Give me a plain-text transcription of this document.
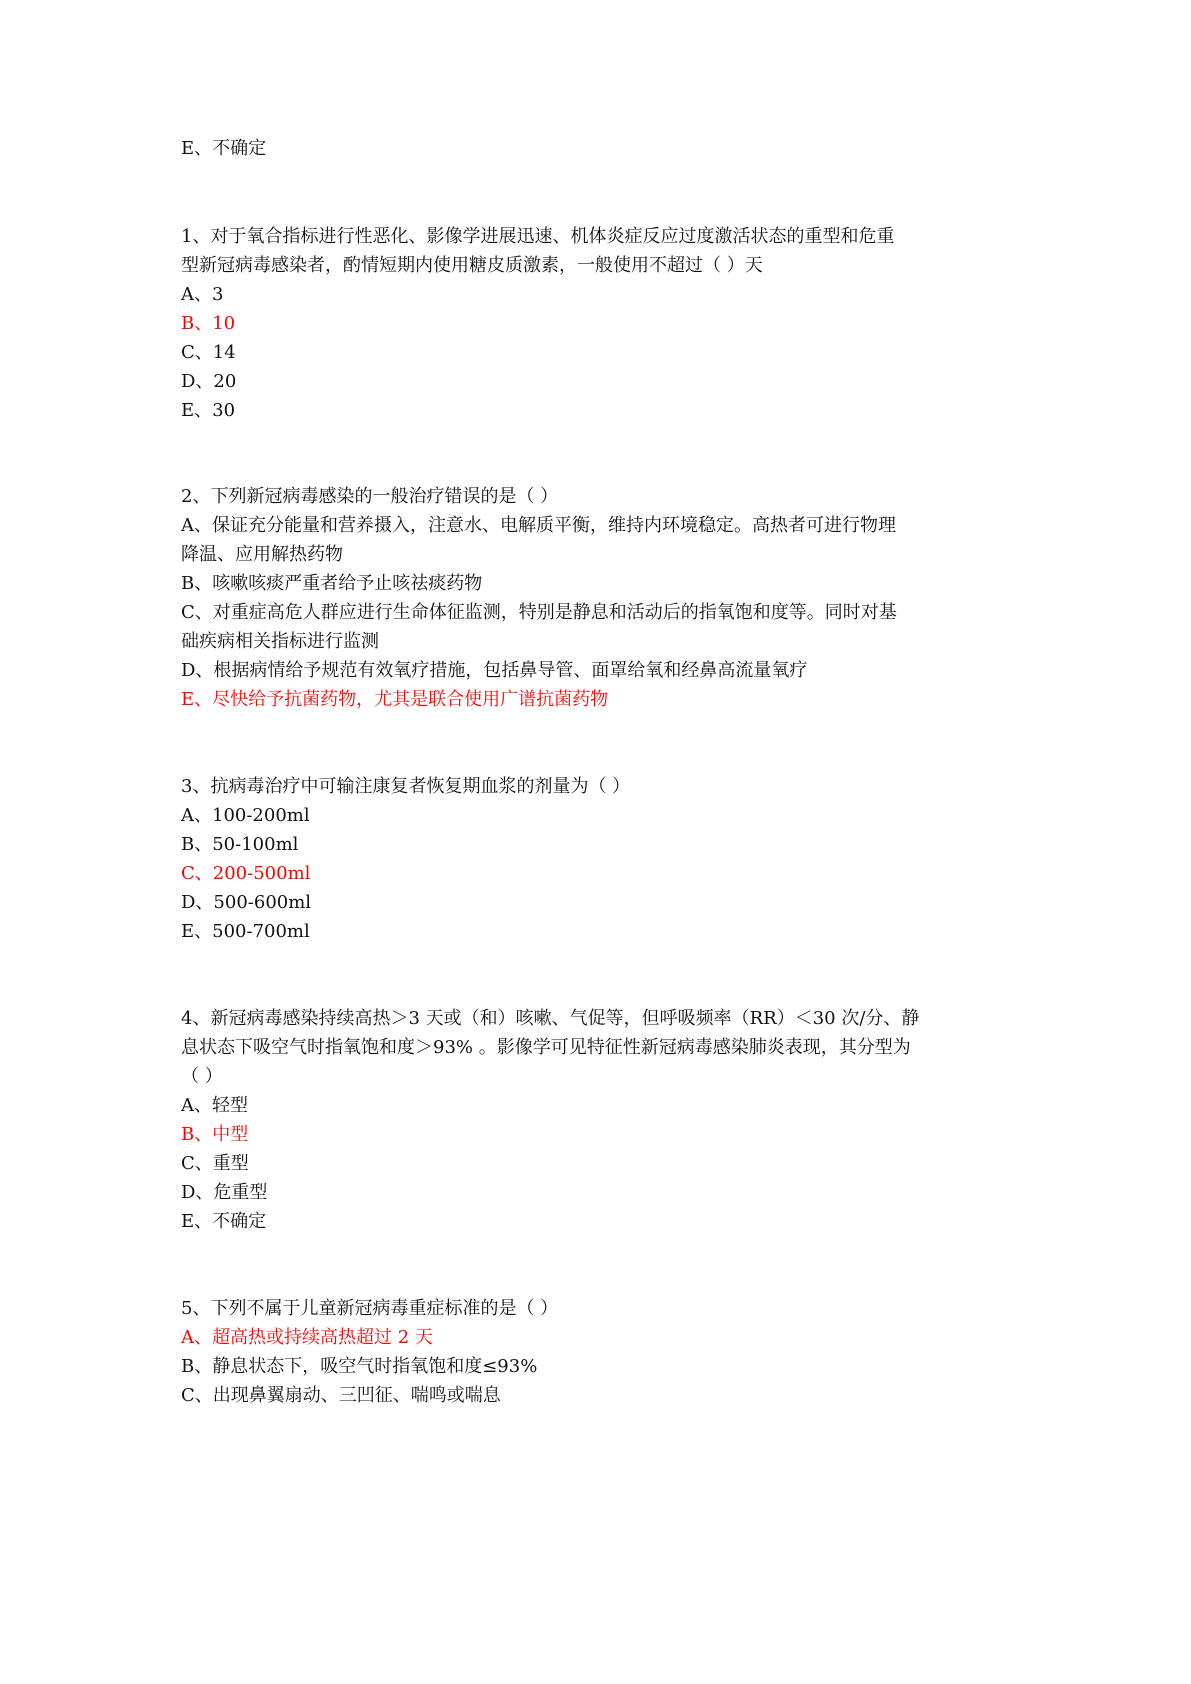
E、不确定
1、对于氧合指标进行性恶化、影像学进展迅速、机体炎症反应过度激活状态的重型和危重
型新冠病毒感染者，酌情短期内使用糖皮质激素，一般使用不超过（ ）天
A、3
B、10
C、14
D、20
E、30
2、下列新冠病毒感染的一般治疗错误的是（ ）
A、保证充分能量和营养摄入，注意水、电解质平衡，维持内环境稳定。高热者可进行物理
降温、应用解热药物
B、咳嗽咳痰严重者给予止咳祛痰药物
C、对重症高危人群应进行生命体征监测，特别是静息和活动后的指氧饱和度等。同时对基
础疾病相关指标进行监测
D、根据病情给予规范有效氧疗措施，包括鼻导管、面罩给氧和经鼻高流量氧疗
E、尽快给予抗菌药物，尤其是联合使用广谱抗菌药物
3、抗病毒治疗中可输注康复者恢复期血浆的剂量为（ ）
A、100-200ml
B、50-100ml
C、200-500ml
D、500-600ml
E、500-700ml
4、新冠病毒感染持续高热＞3 天或（和）咳嗽、气促等，但呼吸频率（RR）＜30 次/分、静
息状态下吸空气时指氧饱和度＞93% 。影像学可见特征性新冠病毒感染肺炎表现，其分型为
（ ）
A、轻型
B、中型
C、重型
D、危重型
E、不确定
5、下列不属于儿童新冠病毒重症标准的是（ ）
A、超高热或持续高热超过 2 天
B、静息状态下，吸空气时指氧饱和度≤93%
C、出现鼻翼扇动、三凹征、喘鸣或喘息
